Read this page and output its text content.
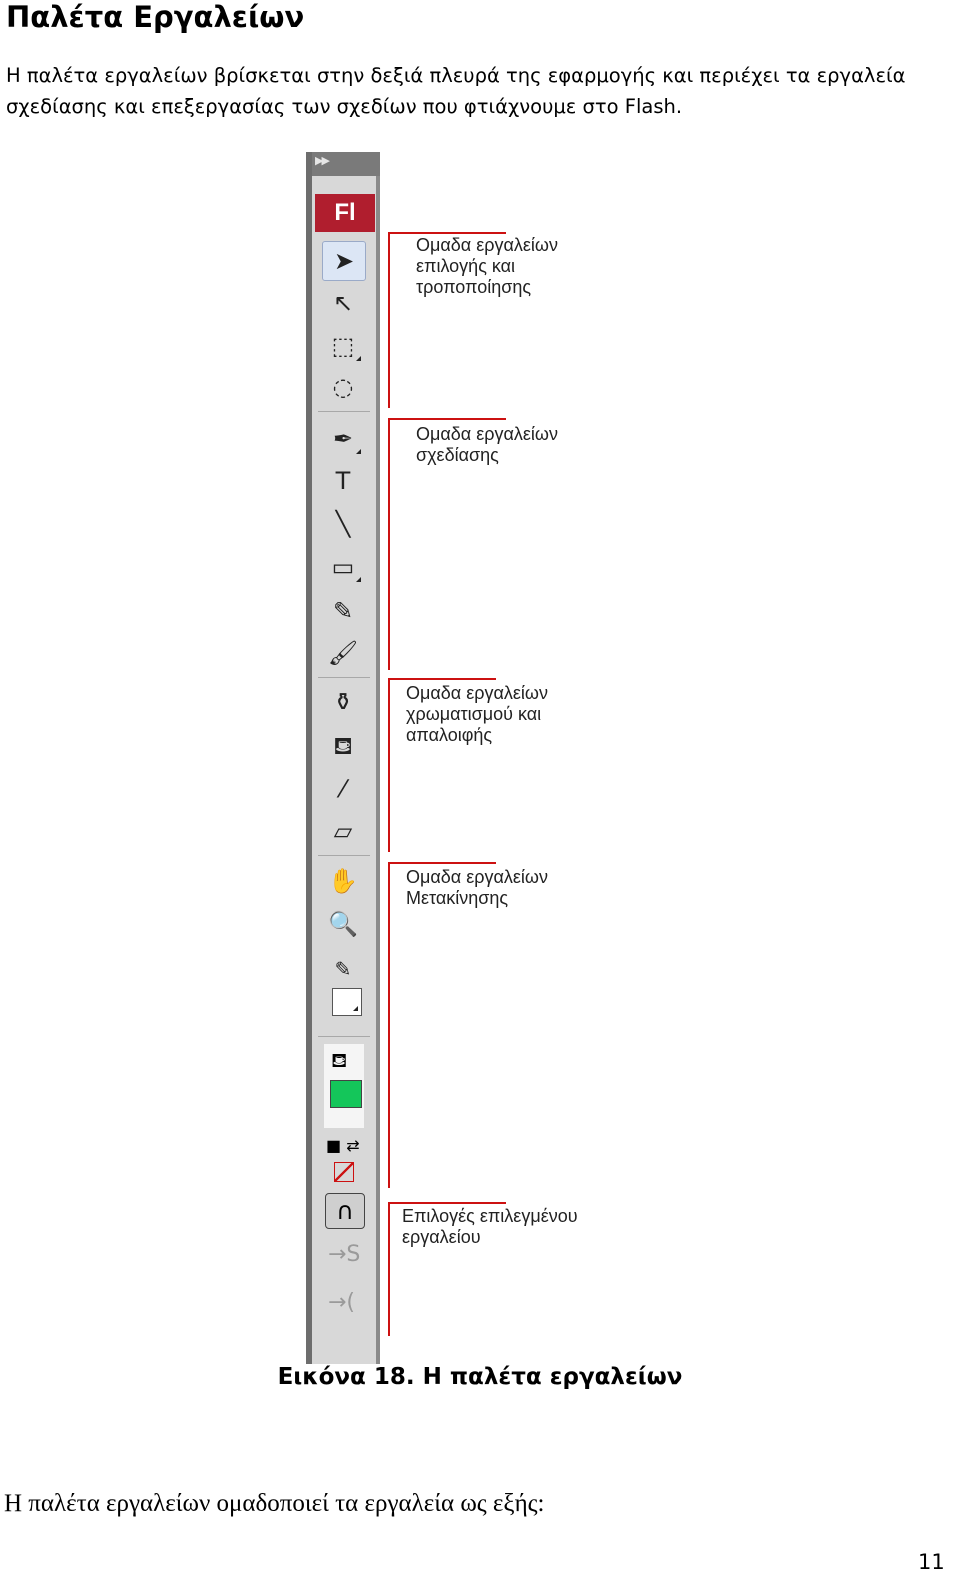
Παλέτα Εργαλείων
Η παλέτα εργαλείων βρίσκεται στην δεξιά πλευρά της εφαρμογής και περιέχει τα εργαλεία
σχεδίασης και επεξεργασίας των σχεδίων που φτιάχνουμε στο Flash.
▶▶
Fl
⛾
■ ⇄
∩
→S
→(
Ομαδα εργαλείων
επιλογής και
τροποποίησης
Ομαδα εργαλείων
σχεδίασης
Ομαδα εργαλείων
χρωματισμού και
απαλοιφής
Ομαδα εργαλείων
Μετακίνησης
Επιλογές επιλεγμένου
εργαλείου
Εικόνα 18. Η παλέτα εργαλείων
Η παλέτα εργαλείων ομαδοποιεί τα εργαλεία ως εξής:
11
➤
↖
⬚
◌
✒
T
╲
▭
✎
🖌
⚱
⛾
⁄
▱
✋
🔍
✎
